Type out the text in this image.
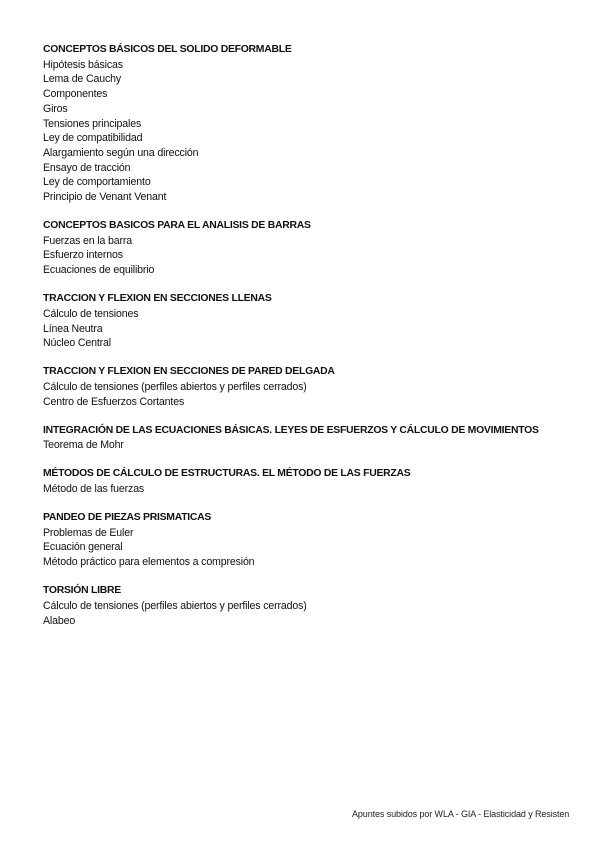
CONCEPTOS BÁSICOS DEL SOLIDO DEFORMABLE
Hipótesis básicas
Lema de Cauchy
Componentes
Giros
Tensiones principales
Ley de compatibilidad
Alargamiento según una dirección
Ensayo de tracción
Ley de comportamiento
Principio de Venant Venant
CONCEPTOS BASICOS PARA EL ANALISIS DE BARRAS
Fuerzas en la barra
Esfuerzo internos
Ecuaciones de equilibrio
TRACCION Y FLEXION EN SECCIONES LLENAS
Cálculo de tensiones
Línea Neutra
Núcleo Central
TRACCION Y FLEXION EN SECCIONES DE PARED DELGADA
Cálculo de tensiones (perfiles abiertos y perfiles cerrados)
Centro de Esfuerzos Cortantes
INTEGRACIÓN DE LAS ECUACIONES BÁSICAS. LEYES DE ESFUERZOS Y CÁLCULO DE MOVIMIENTOS
Teorema de Mohr
MÉTODOS DE CÁLCULO DE ESTRUCTURAS. EL MÉTODO DE LAS FUERZAS
Método de las fuerzas
PANDEO DE PIEZAS PRISMATICAS
Problemas de Euler
Ecuación general
Método práctico para elementos a compresión
TORSIÓN LIBRE
Cálculo de tensiones (perfiles abiertos y perfiles cerrados)
Alabeo
Apuntes subidos por WLA - GIA - Elasticidad y Resisten
